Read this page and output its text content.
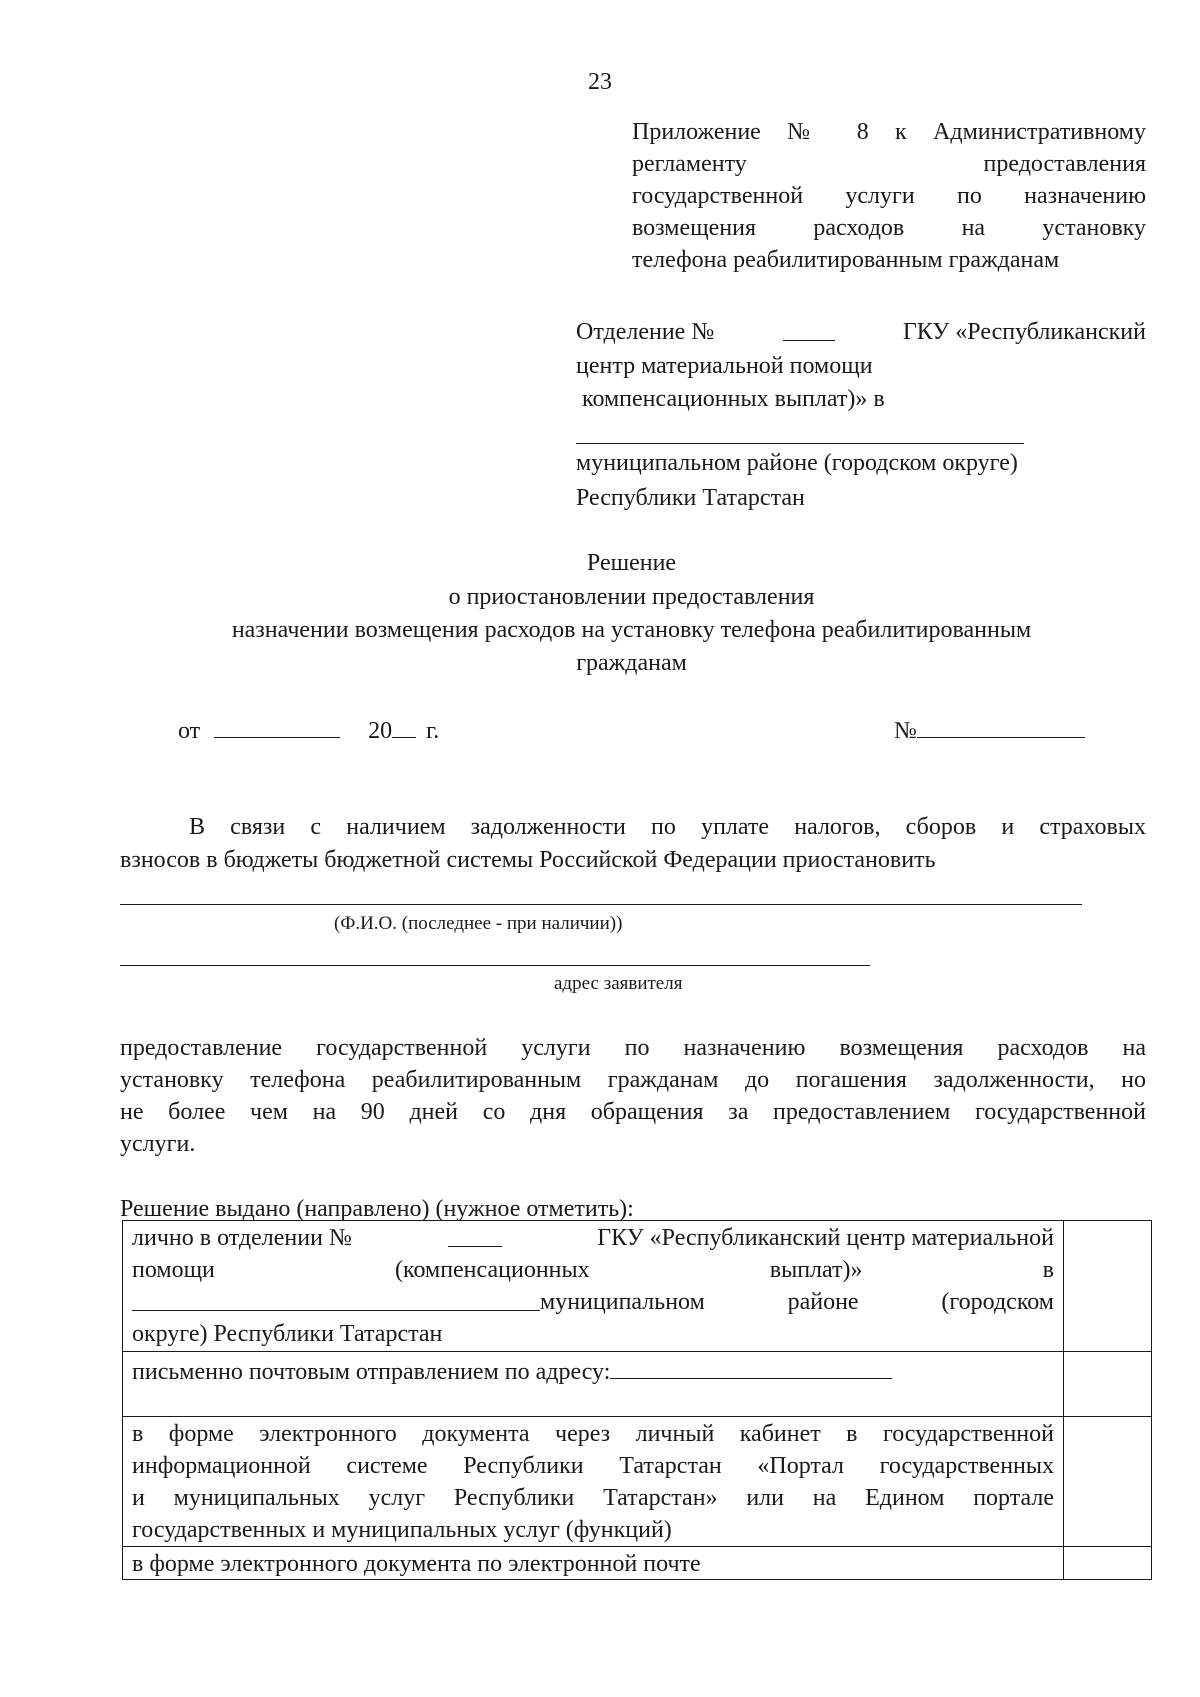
23
Приложение № 8 к Административному
регламенту предоставления
государственной услуги по назначению
возмещения расходов на установку
телефона реабилитированным гражданам
Отделение №	ГКУ «Республиканский
центр материальной помощи
компенсационных выплат)» в
муниципальном районе (городском округе)
Республики Татарстан
Решение
о приостановлении предоставления
назначении возмещения расходов на установку телефона реабилитированным
гражданам
от	20 г.	№
В связи с наличием задолженности по уплате налогов, сборов и страховых
взносов в бюджеты бюджетной системы Российской Федерации приостановить
(Ф.И.О. (последнее - при наличии))
адрес заявителя
предоставление государственной услуги по назначению возмещения расходов на
установку телефона реабилитированным гражданам до погашения задолженности, но
не более чем на 90 дней со дня обращения за предоставлением государственной
услуги.
Решение выдано (направлено) (нужное отметить):
лично в отделении №	ГКУ «Республиканский центр материальной
помощи (компенсационных выплат)» в
муниципальном районе (городском
округе) Республики Татарстан
письменно почтовым отправлением по адресу:
в форме электронного документа через личный кабинет в государственной
информационной системе Республики Татарстан «Портал государственных
и муниципальных услуг Республики Татарстан» или на Едином портале
государственных и муниципальных услуг (функций)
в форме электронного документа по электронной почте
